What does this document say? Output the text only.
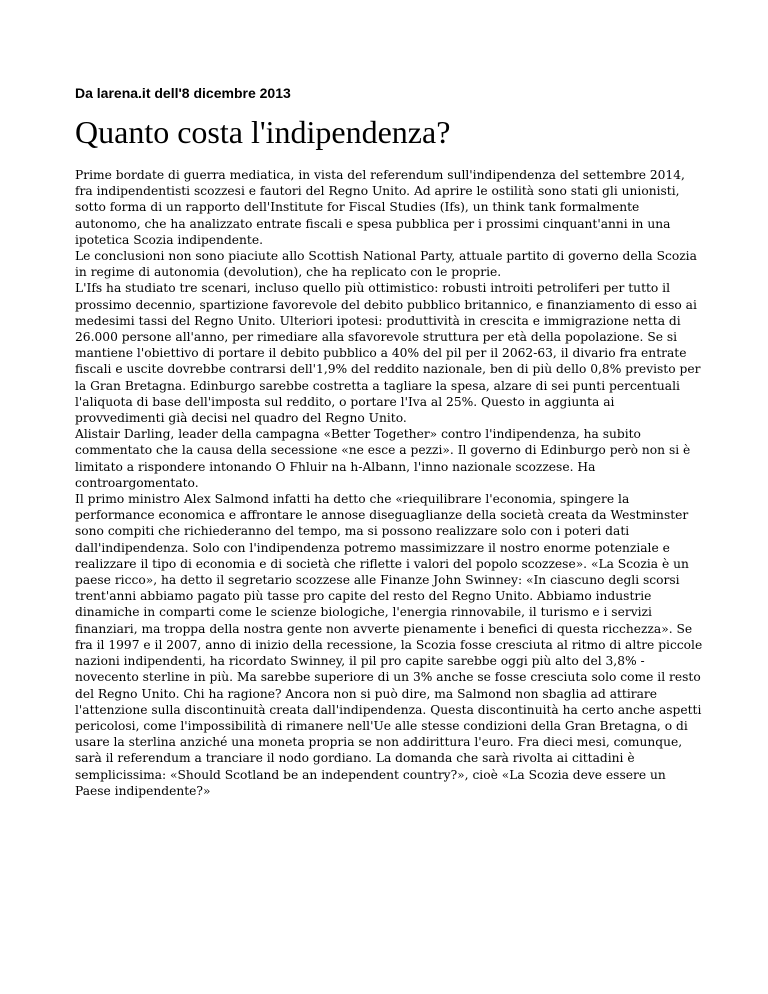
Da larena.it dell'8 dicembre 2013

Quanto costa l'indipendenza?

Prime bordate di guerra mediatica, in vista del referendum sull'indipendenza del settembre 2014, fra indipendentisti scozzesi e fautori del Regno Unito. Ad aprire le ostilità sono stati gli unionisti, sotto forma di un rapporto dell'Institute for Fiscal Studies (Ifs), un think tank formalmente autonomo, che ha analizzato entrate fiscali e spesa pubblica per i prossimi cinquant'anni in una ipotetica Scozia indipendente.

Le conclusioni non sono piaciute allo Scottish National Party, attuale partito di governo della Scozia in regime di autonomia (devolution), che ha replicato con le proprie.

L'Ifs ha studiato tre scenari, incluso quello più ottimistico: robusti introiti petroliferi per tutto il prossimo decennio, spartizione favorevole del debito pubblico britannico, e finanziamento di esso ai medesimi tassi del Regno Unito. Ulteriori ipotesi: produttività in crescita e immigrazione netta di 26.000 persone all'anno, per rimediare alla sfavorevole struttura per età della popolazione. Se si mantiene l'obiettivo di portare il debito pubblico a 40% del pil per il 2062-63, il divario fra entrate fiscali e uscite dovrebbe contrarsi dell'1,9% del reddito nazionale, ben di più dello 0,8% previsto per la Gran Bretagna. Edinburgo sarebbe costretta a tagliare la spesa, alzare di sei punti percentuali l'aliquota di base dell'imposta sul reddito, o portare l'Iva al 25%. Questo in aggiunta ai provvedimenti già decisi nel quadro del Regno Unito.

Alistair Darling, leader della campagna «Better Together» contro l'indipendenza, ha subito commentato che la causa della secessione «ne esce a pezzi». Il governo di Edinburgo però non si è limitato a rispondere intonando O Fhluir na h-Albann, l'inno nazionale scozzese. Ha controargomentato.

Il primo ministro Alex Salmond infatti ha detto che «riequilibrare l'economia, spingere la performance economica e affrontare le annose diseguaglianze della società creata da Westminster sono compiti che richiederanno del tempo, ma si possono realizzare solo con i poteri dati dall'indipendenza. Solo con l'indipendenza potremo massimizzare il nostro enorme potenziale e realizzare il tipo di economia e di società che riflette i valori del popolo scozzese». «La Scozia è un paese ricco», ha detto il segretario scozzese alle Finanze John Swinney: «In ciascuno degli scorsi trent'anni abbiamo pagato più tasse pro capite del resto del Regno Unito. Abbiamo industrie dinamiche in comparti come le scienze biologiche, l'energia rinnovabile, il turismo e i servizi finanziari, ma troppa della nostra gente non avverte pienamente i benefici di questa ricchezza». Se fra il 1997 e il 2007, anno di inizio della recessione, la Scozia fosse cresciuta al ritmo di altre piccole nazioni indipendenti, ha ricordato Swinney, il pil pro capite sarebbe oggi più alto del 3,8% - novecento sterline in più. Ma sarebbe superiore di un 3% anche se fosse cresciuta solo come il resto del Regno Unito. Chi ha ragione? Ancora non si può dire, ma Salmond non sbaglia ad attirare l'attenzione sulla discontinuità creata dall'indipendenza. Questa discontinuità ha certo anche aspetti pericolosi, come l'impossibilità di rimanere nell'Ue alle stesse condizioni della Gran Bretagna, o di usare la sterlina anziché una moneta propria se non addirittura l'euro. Fra dieci mesi, comunque, sarà il referendum a tranciare il nodo gordiano. La domanda che sarà rivolta ai cittadini è semplicissima: «Should Scotland be an independent country?», cioè «La Scozia deve essere un Paese indipendente?»
